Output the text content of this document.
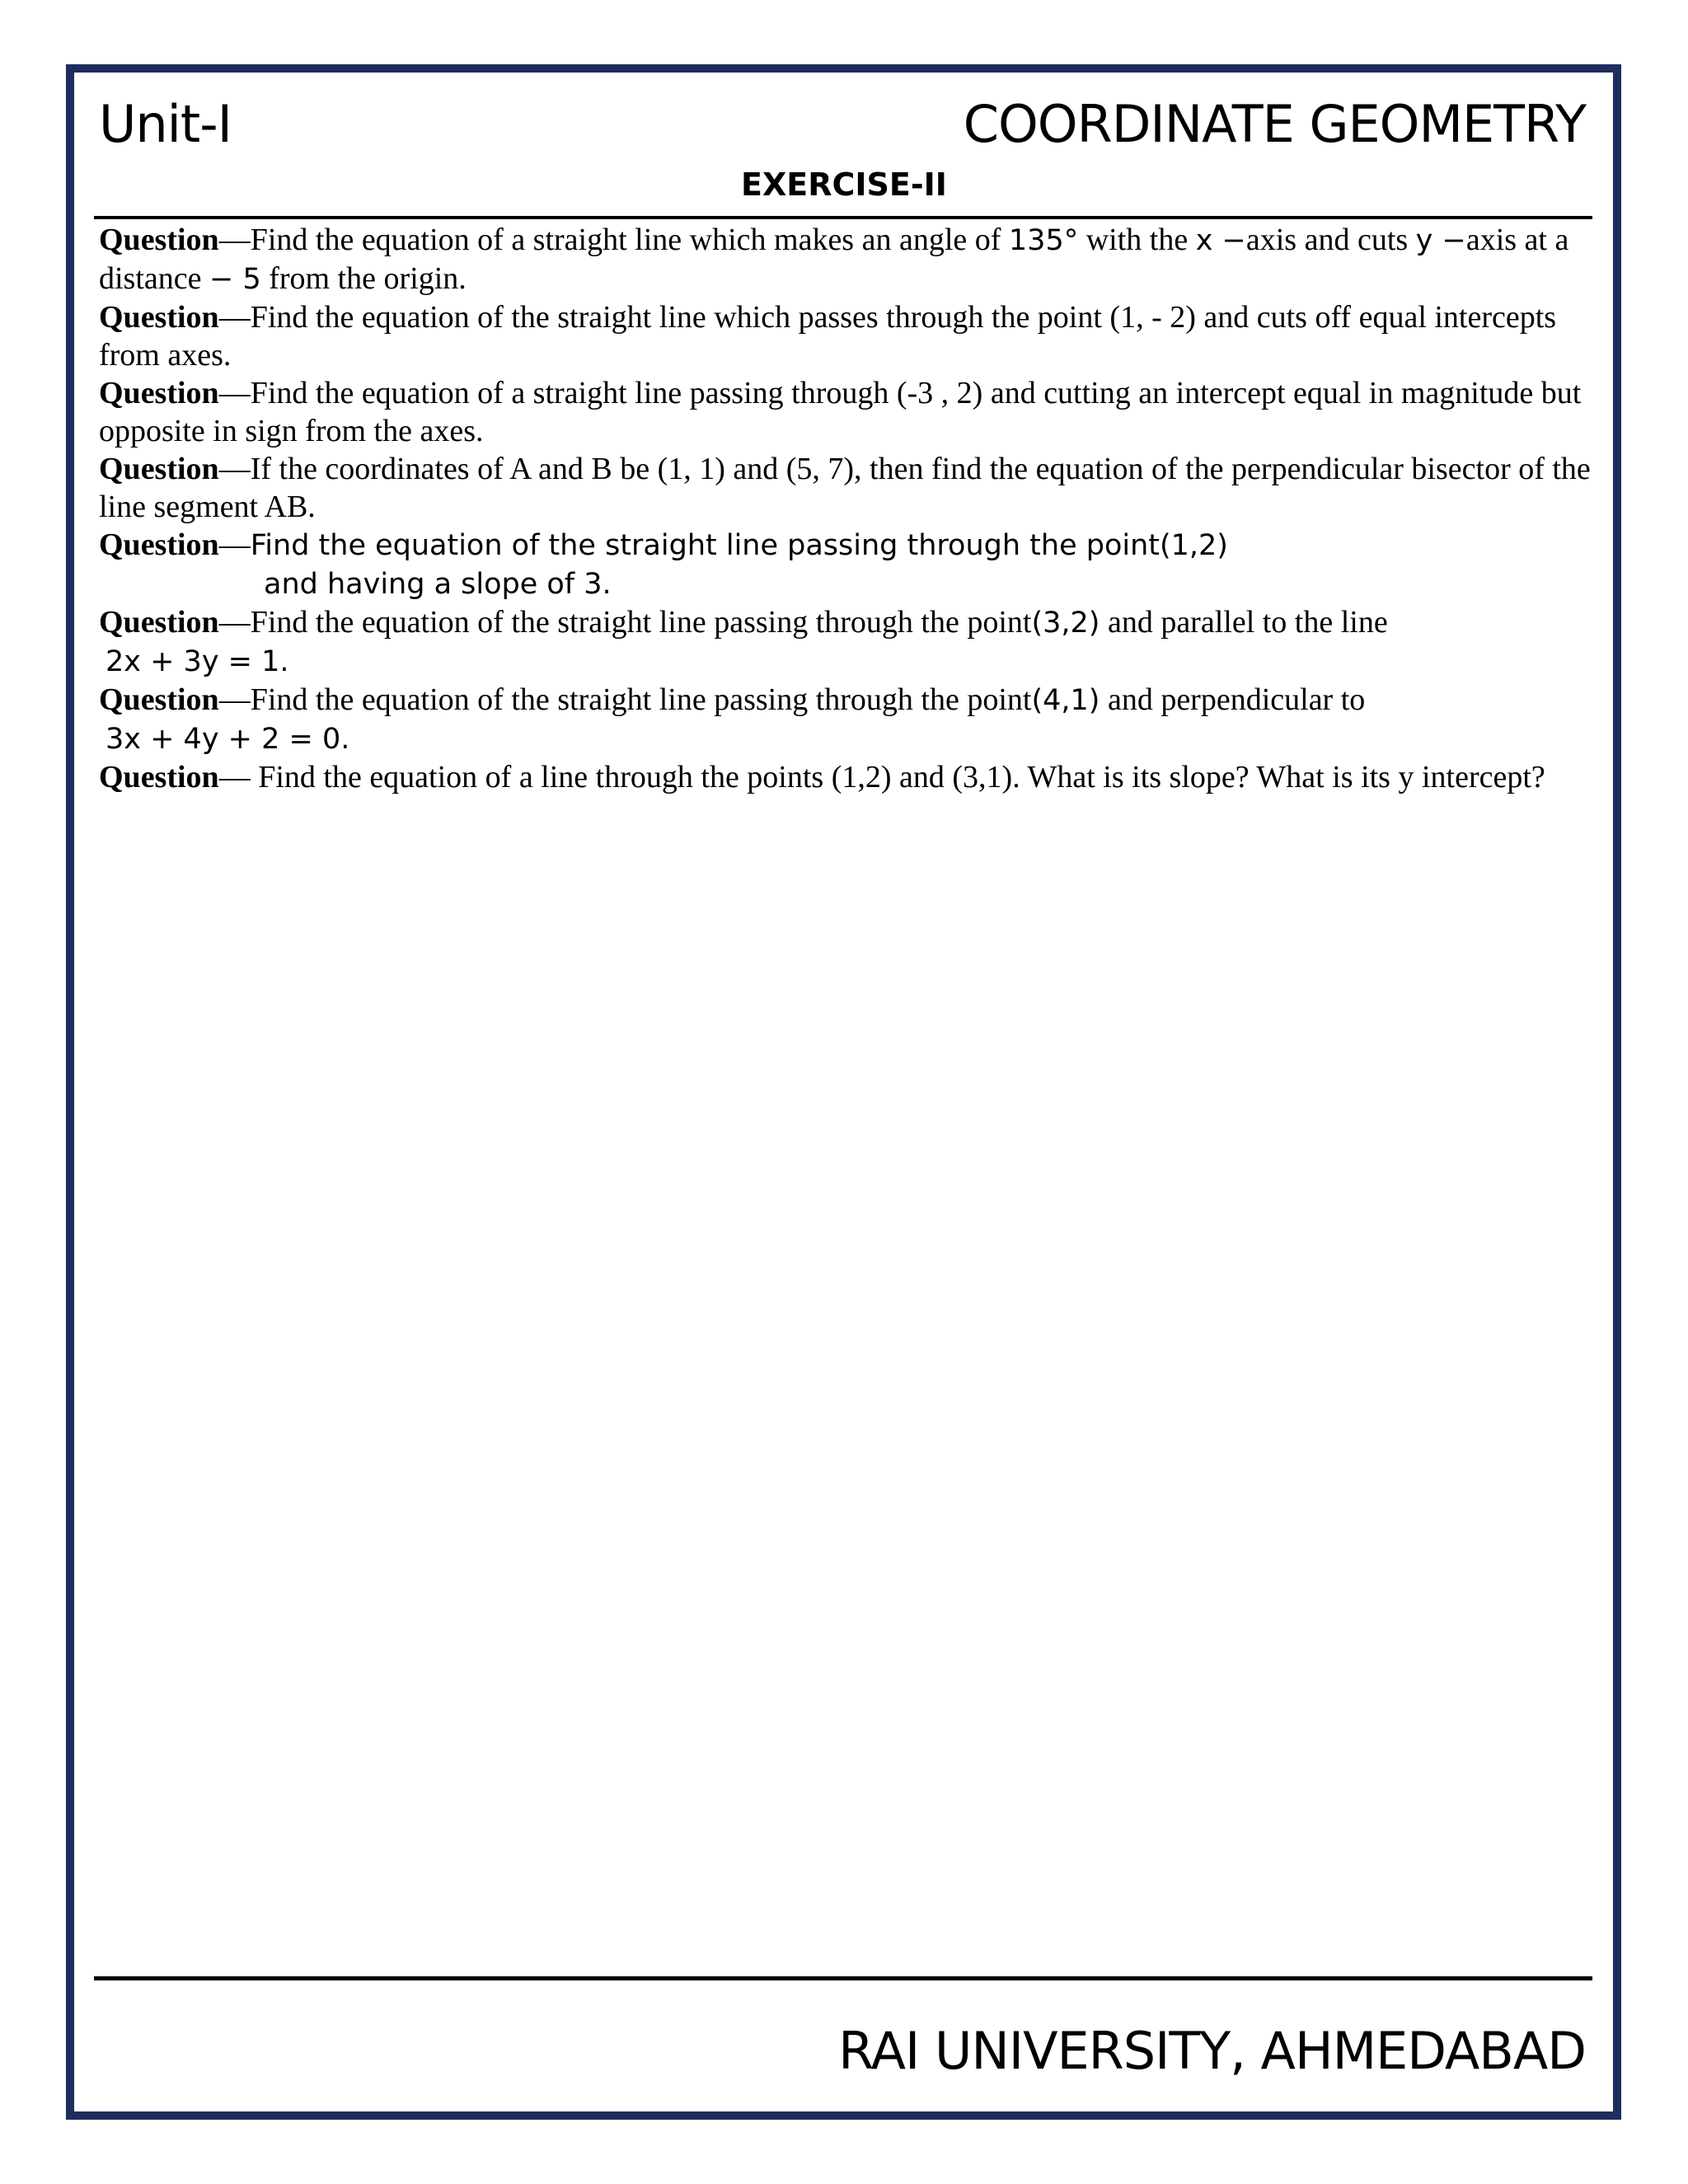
Unit-I	COORDINATE GEOMETRY
EXERCISE-II

Question—Find the equation of a straight line which makes an angle of 135° with the x −axis and cuts y −axis at a distance − 5 from the origin.

Question—Find the equation of the straight line which passes through the point (1, - 2) and cuts off equal intercepts from axes.

Question—Find the equation of a straight line passing through (-3 , 2) and cutting an intercept equal in magnitude but opposite in sign from the axes.

Question—If the coordinates of A and B be (1, 1) and (5, 7), then find the equation of the perpendicular bisector of the line segment AB.

Question—Find the equation of the straight line passing through the point(1,2)
and having a slope of 3.

Question—Find the equation of the straight line passing through the point(3,2) and parallel to the line
2x + 3y = 1.

Question—Find the equation of the straight line passing through the point(4,1) and perpendicular to
3x + 4y + 2 = 0.

Question— Find the equation of a line through the points (1,2) and (3,1). What is its slope? What is its y intercept?

RAI UNIVERSITY, AHMEDABAD
